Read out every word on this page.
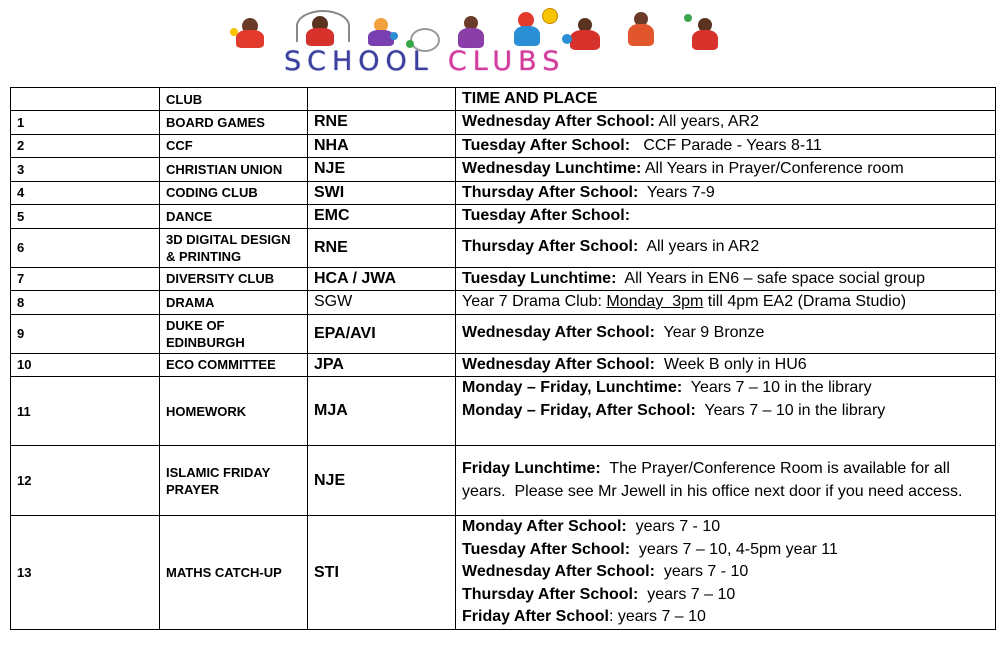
SCHOOL CLUBS
	CLUB		TIME AND PLACE
1	BOARD GAMES	RNE	Wednesday After School: All years, AR2
2	CCF	NHA	Tuesday After School:   CCF Parade - Years 8-11
3	CHRISTIAN UNION	NJE	Wednesday Lunchtime: All Years in Prayer/Conference room
4	CODING CLUB	SWI	Thursday After School:  Years 7-9
5	DANCE	EMC	Tuesday After School:
6	3D DIGITAL DESIGN
& PRINTING	RNE	Thursday After School:  All years in AR2
7	DIVERSITY CLUB	HCA / JWA	Tuesday Lunchtime:  All Years in EN6 – safe space social group
8	DRAMA	SGW	Year 7 Drama Club: Monday  3pm till 4pm EA2 (Drama Studio)
9	DUKE OF
EDINBURGH	EPA/AVI	Wednesday After School:  Year 9 Bronze
10	ECO COMMITTEE	JPA	Wednesday After School:  Week B only in HU6
11	HOMEWORK	MJA	Monday – Friday, Lunchtime:  Years 7 – 10 in the library
Monday – Friday, After School:  Years 7 – 10 in the library

12	ISLAMIC FRIDAY
PRAYER	NJE	Friday Lunchtime:  The Prayer/Conference Room is available for all years.  Please see Mr Jewell in his office next door if you need access.

13	MATHS CATCH-UP	STI	Monday After School:  years 7 - 10
Tuesday After School:  years 7 – 10, 4-5pm year 11
Wednesday After School:  years 7 - 10
Thursday After School:  years 7 – 10
Friday After School: years 7 – 10
